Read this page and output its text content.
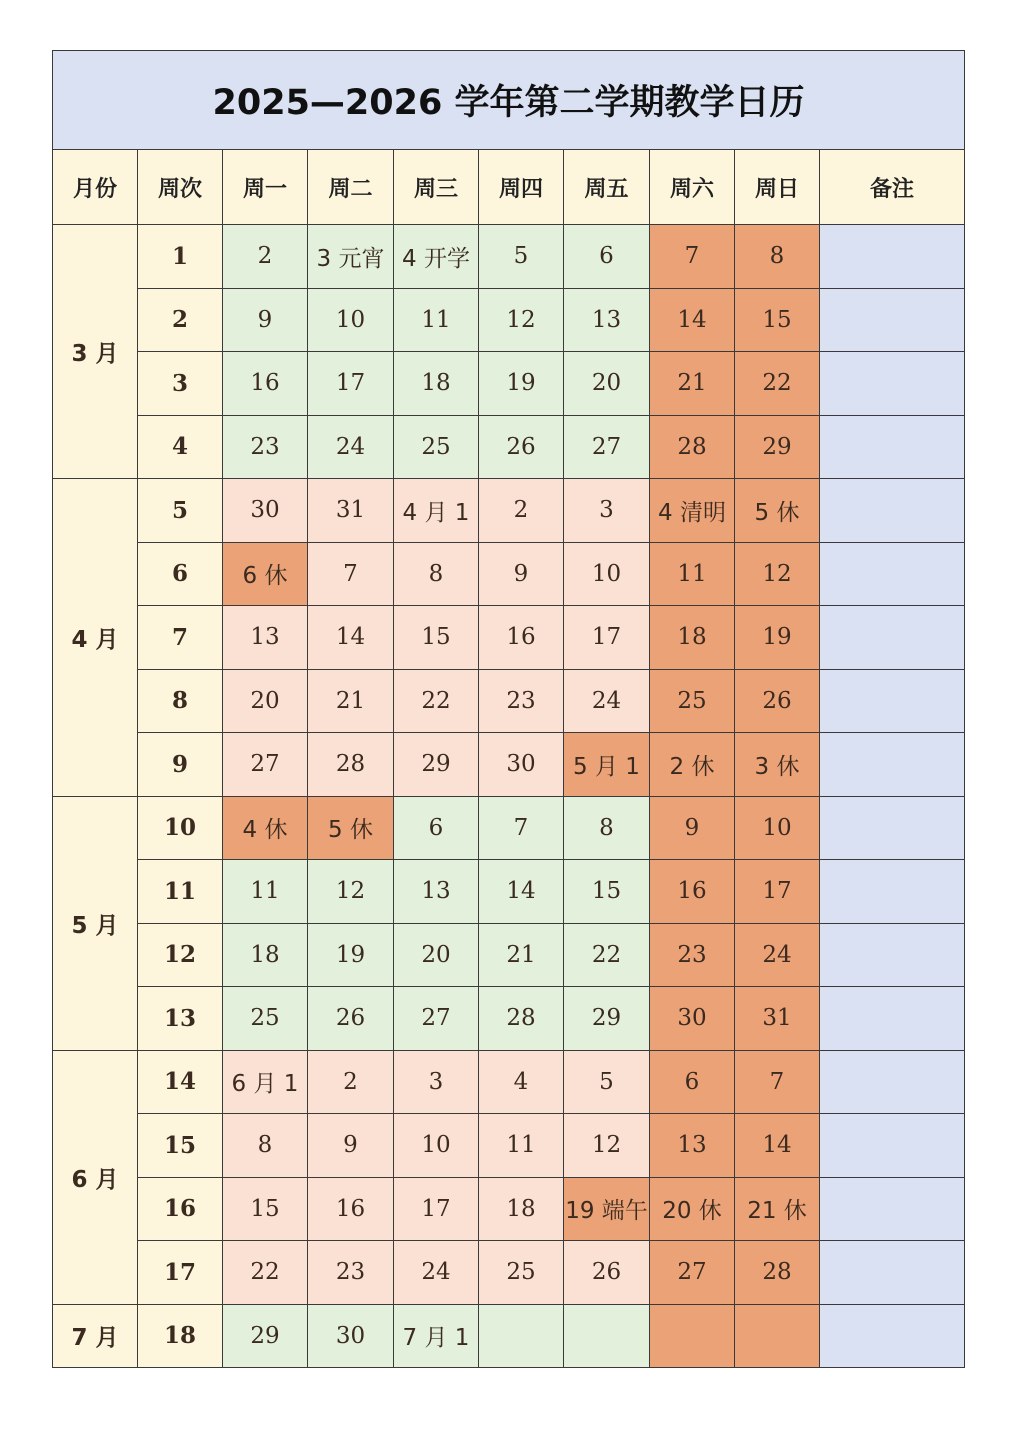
2025—2026 学年第二学期教学日历									
月份	周次	周一	周二	周三	周四	周五	周六	周日	备注
3 月	1	2	3 元宵	4 开学	5	6	7	8	
	2	9	10	11	12	13	14	15	
	3	16	17	18	19	20	21	22	
	4	23	24	25	26	27	28	29	
4 月	5	30	31	4 月 1	2	3	4 清明	5 休	
	6	6 休	7	8	9	10	11	12	
	7	13	14	15	16	17	18	19	
	8	20	21	22	23	24	25	26	
	9	27	28	29	30	5 月 1	2 休	3 休	
5 月	10	4 休	5 休	6	7	8	9	10	
	11	11	12	13	14	15	16	17	
	12	18	19	20	21	22	23	24	
	13	25	26	27	28	29	30	31	
6 月	14	6 月 1	2	3	4	5	6	7	
	15	8	9	10	11	12	13	14	
	16	15	16	17	18	19 端午	20 休	21 休	
	17	22	23	24	25	26	27	28	
7 月	18	29	30	7 月 1					
